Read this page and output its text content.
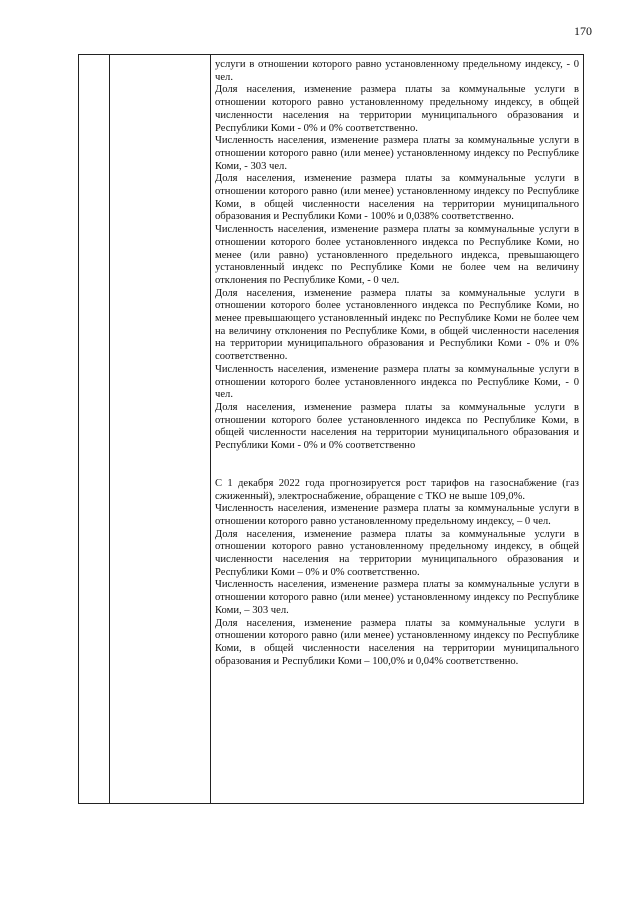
170

услуги в отношении которого равно установленному предельному индексу, - 0 чел.

Доля населения, изменение размера платы за коммунальные услуги в отношении которого равно установленному предельному индексу, в общей численности населения на территории муниципального образования и Республики Коми - 0% и 0% соответственно.

Численность населения, изменение размера платы за коммунальные услуги в отношении которого равно (или менее) установленному индексу по Республике Коми, - 303 чел.

Доля населения, изменение размера платы за коммунальные услуги в отношении которого равно (или менее) установленному индексу по Республике Коми, в общей численности населения на территории муниципального образования и Республики Коми - 100% и 0,038% соответственно.

Численность населения, изменение размера платы за коммунальные услуги в отношении которого более установленного индекса по Республике Коми, но менее (или равно) установленного предельного индекса, превышающего установленный индекс по Республике Коми не более чем на величину отклонения по Республике Коми, - 0 чел.

Доля населения, изменение размера платы за коммунальные услуги в отношении которого более установленного индекса по Республике Коми, но менее превышающего установленный индекс по Республике Коми не более чем на величину отклонения по Республике Коми, в общей численности населения на территории муниципального образования и Республики Коми - 0% и 0% соответственно.

Численность населения, изменение размера платы за коммунальные услуги в отношении которого более установленного индекса по Республике Коми, - 0 чел.

Доля населения, изменение размера платы за коммунальные услуги в отношении которого более установленного индекса по Республике Коми, в общей численности населения на территории муниципального образования и Республики Коми - 0% и 0% соответственно

С 1 декабря 2022 года прогнозируется рост тарифов на газоснабжение (газ сжиженный), электроснабжение, обращение с ТКО не выше 109,0%.

Численность населения, изменение размера платы за коммунальные услуги в отношении которого равно установленному предельному индексу, – 0 чел.

Доля населения, изменение размера платы за коммунальные услуги в отношении которого равно установленному предельному индексу, в общей численности населения на территории муниципального образования и Республики Коми – 0% и 0% соответственно.

Численность населения, изменение размера платы за коммунальные услуги в отношении которого равно (или менее) установленному индексу по Республике Коми, – 303 чел.

Доля населения, изменение размера платы за коммунальные услуги в отношении которого равно (или менее) установленному индексу по Республике Коми, в общей численности населения на территории муниципального образования и Республики Коми – 100,0% и 0,04% соответственно.
